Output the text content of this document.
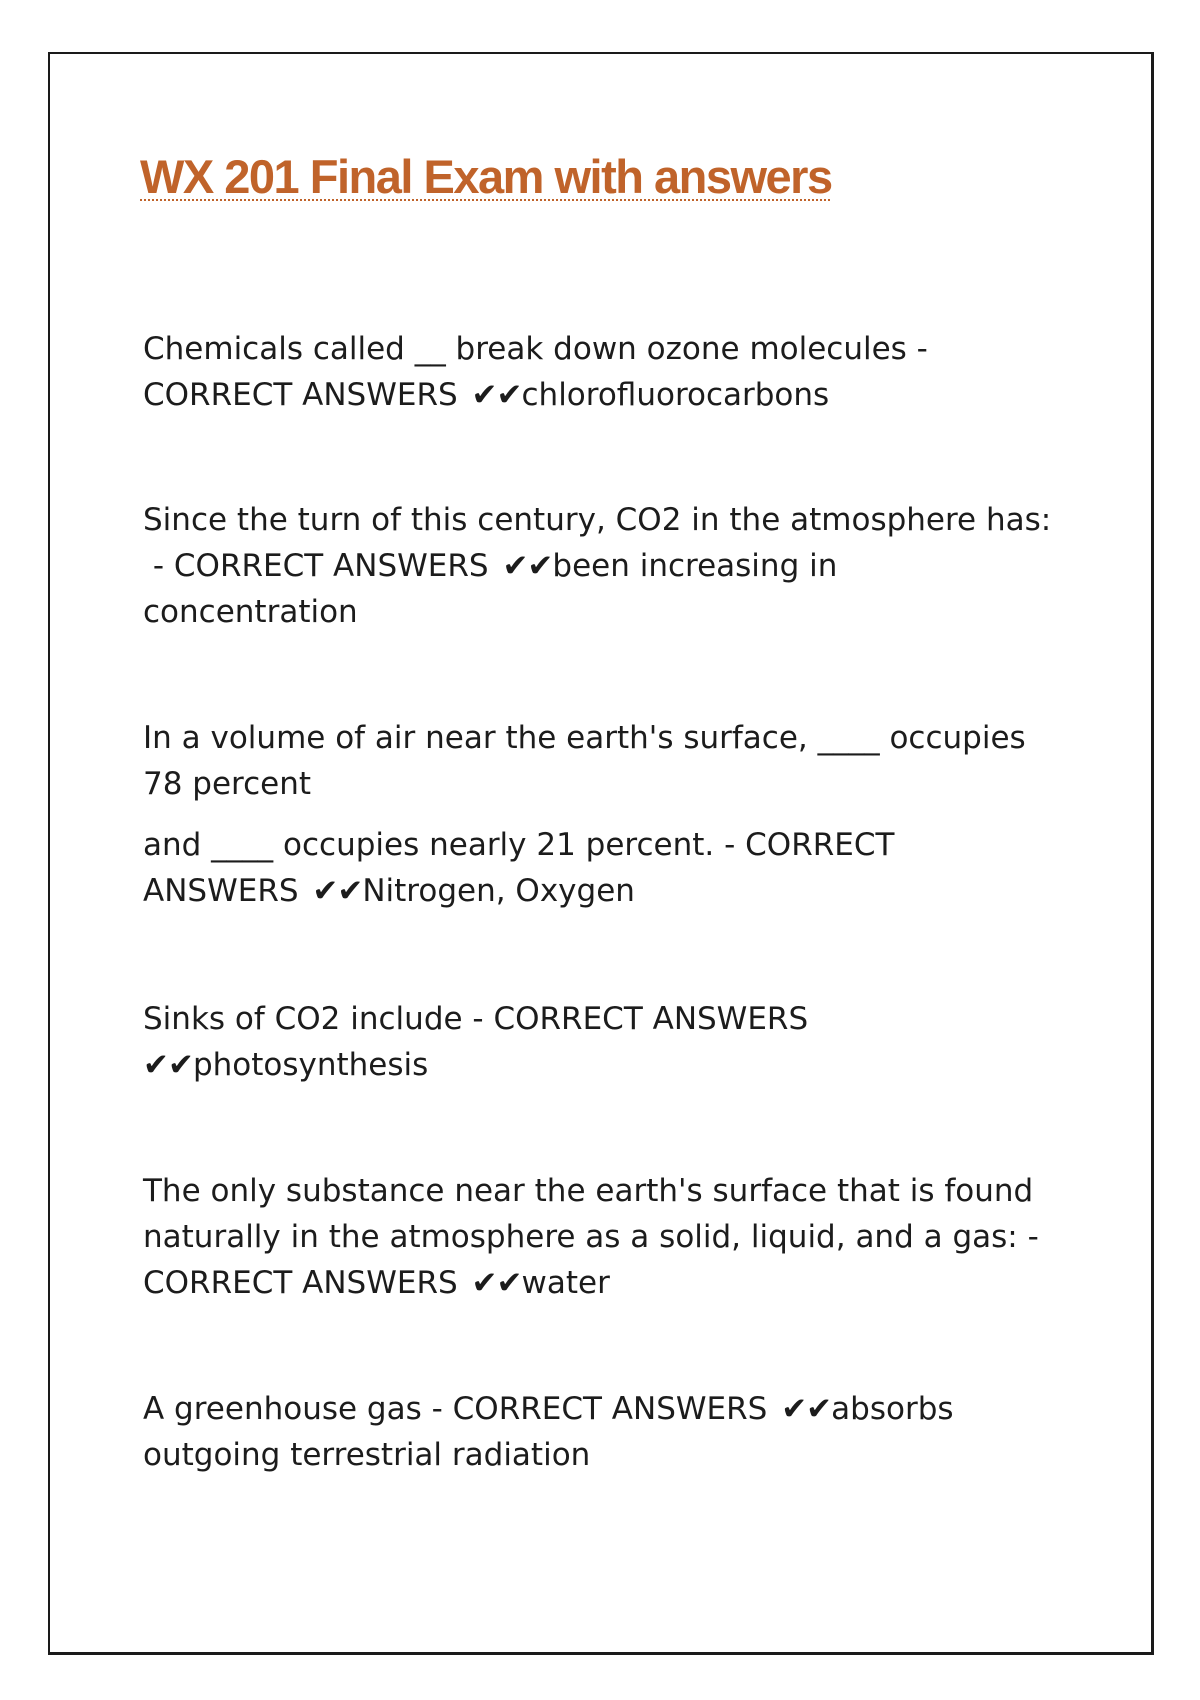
WX 201 Final Exam with answers
Chemicals called __ break down ozone molecules -
CORRECT ANSWERS ✔✔chlorofluorocarbons
Since the turn of this century, CO2 in the atmosphere has:
- CORRECT ANSWERS ✔✔been increasing in
concentration
In a volume of air near the earth's surface, ____ occupies
78 percent
and ____ occupies nearly 21 percent. - CORRECT
ANSWERS ✔✔Nitrogen, Oxygen
Sinks of CO2 include - CORRECT ANSWERS
✔✔photosynthesis
The only substance near the earth's surface that is found
naturally in the atmosphere as a solid, liquid, and a gas: -
CORRECT ANSWERS ✔✔water
A greenhouse gas - CORRECT ANSWERS ✔✔absorbs
outgoing terrestrial radiation
